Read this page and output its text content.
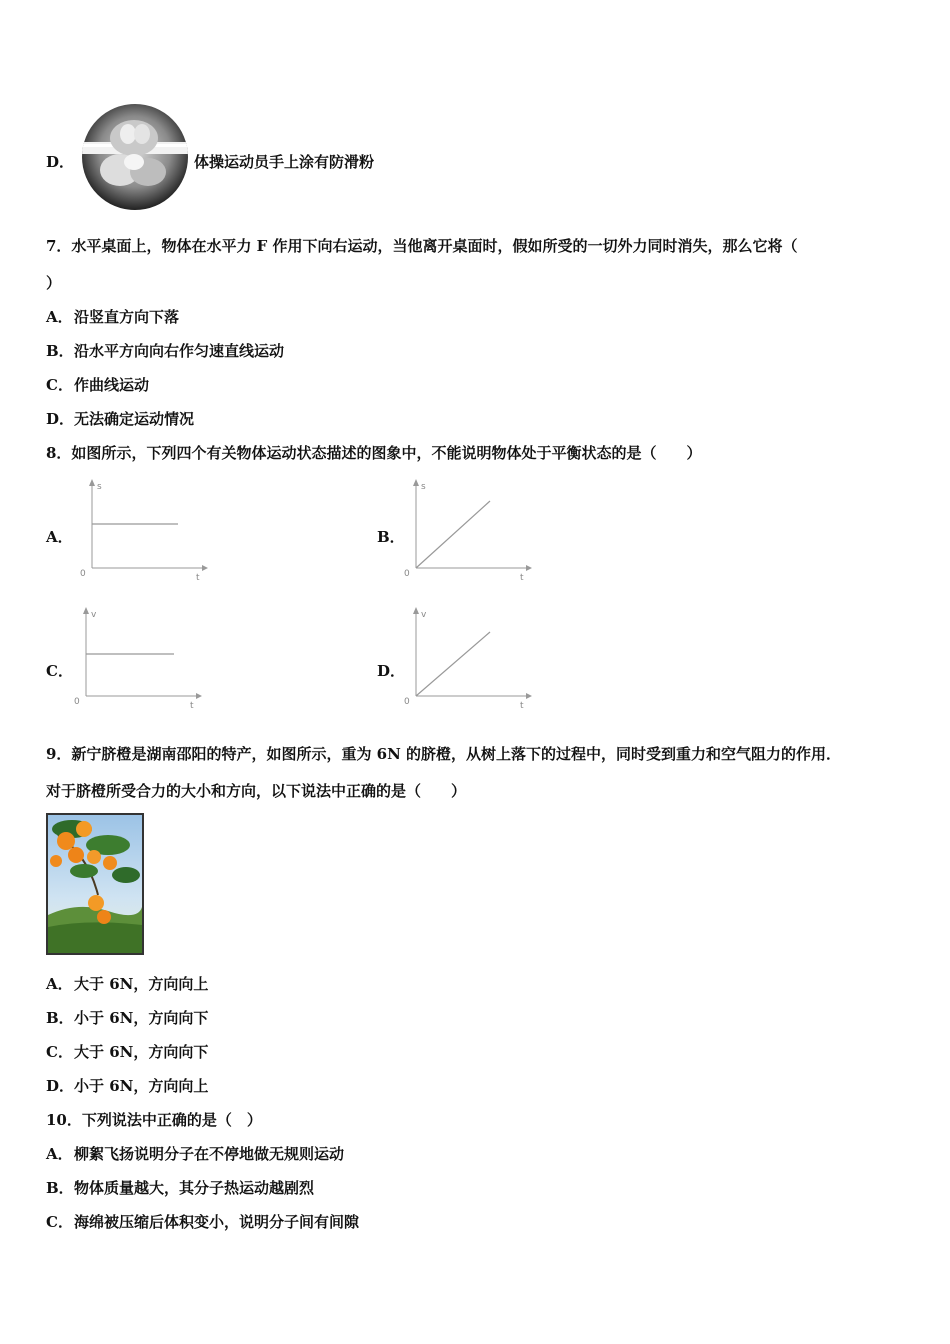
D．	体操运动员手上涂有防滑粉
7．水平桌面上，物体在水平力 F 作用下向右运动，当他离开桌面时，假如所受的一切外力同时消失，那么它将（
）
A．沿竖直方向下落
B．沿水平方向向右作匀速直线运动
C．作曲线运动
D．无法确定运动情况
8．如图所示，下列四个有关物体运动状态描述的图象中，不能说明物体处于平衡状态的是（　　）
A．
s
t
0
B．
s
t
0
C．
v
t
0
D．
v
t
0
9．新宁脐橙是湖南邵阳的特产，如图所示，重为 6N 的脐橙，从树上落下的过程中，同时受到重力和空气阻力的作用．
对于脐橙所受合力的大小和方向，以下说法中正确的是（　　）
A．大于 6N，方向向上
B．小于 6N，方向向下
C．大于 6N，方向向下
D．小于 6N，方向向上
10．下列说法中正确的是（　）
A．柳絮飞扬说明分子在不停地做无规则运动
B．物体质量越大，其分子热运动越剧烈
C．海绵被压缩后体积变小，说明分子间有间隙
